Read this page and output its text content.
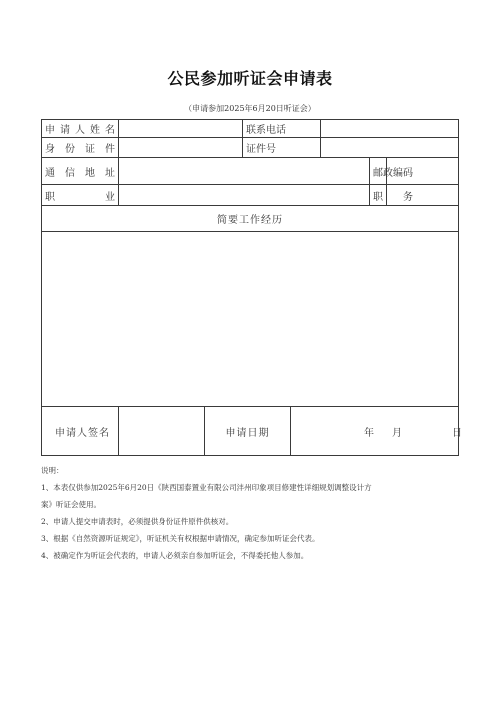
公民参加听证会申请表
（申请参加2025年6月20日听证会）
申请人姓名			联系电话				
身份证件			证件号				
通信地址						邮政编码	
职　　业						职　　务	
简要工作经历							

申请人签名		申请日期		年月 日			

说明：

1、本表仅供参加2025年6月20日《陕西国泰置业有限公司沣州印象项目修建性详细规划调整设计方

案》听证会使用。

2、申请人提交申请表时，必须提供身份证件原件供核对。

3、根据《自然资源听证规定》，听证机关有权根据申请情况，确定参加听证会代表。

4、被确定作为听证会代表的，申请人必须亲自参加听证会，不得委托他人参加。
